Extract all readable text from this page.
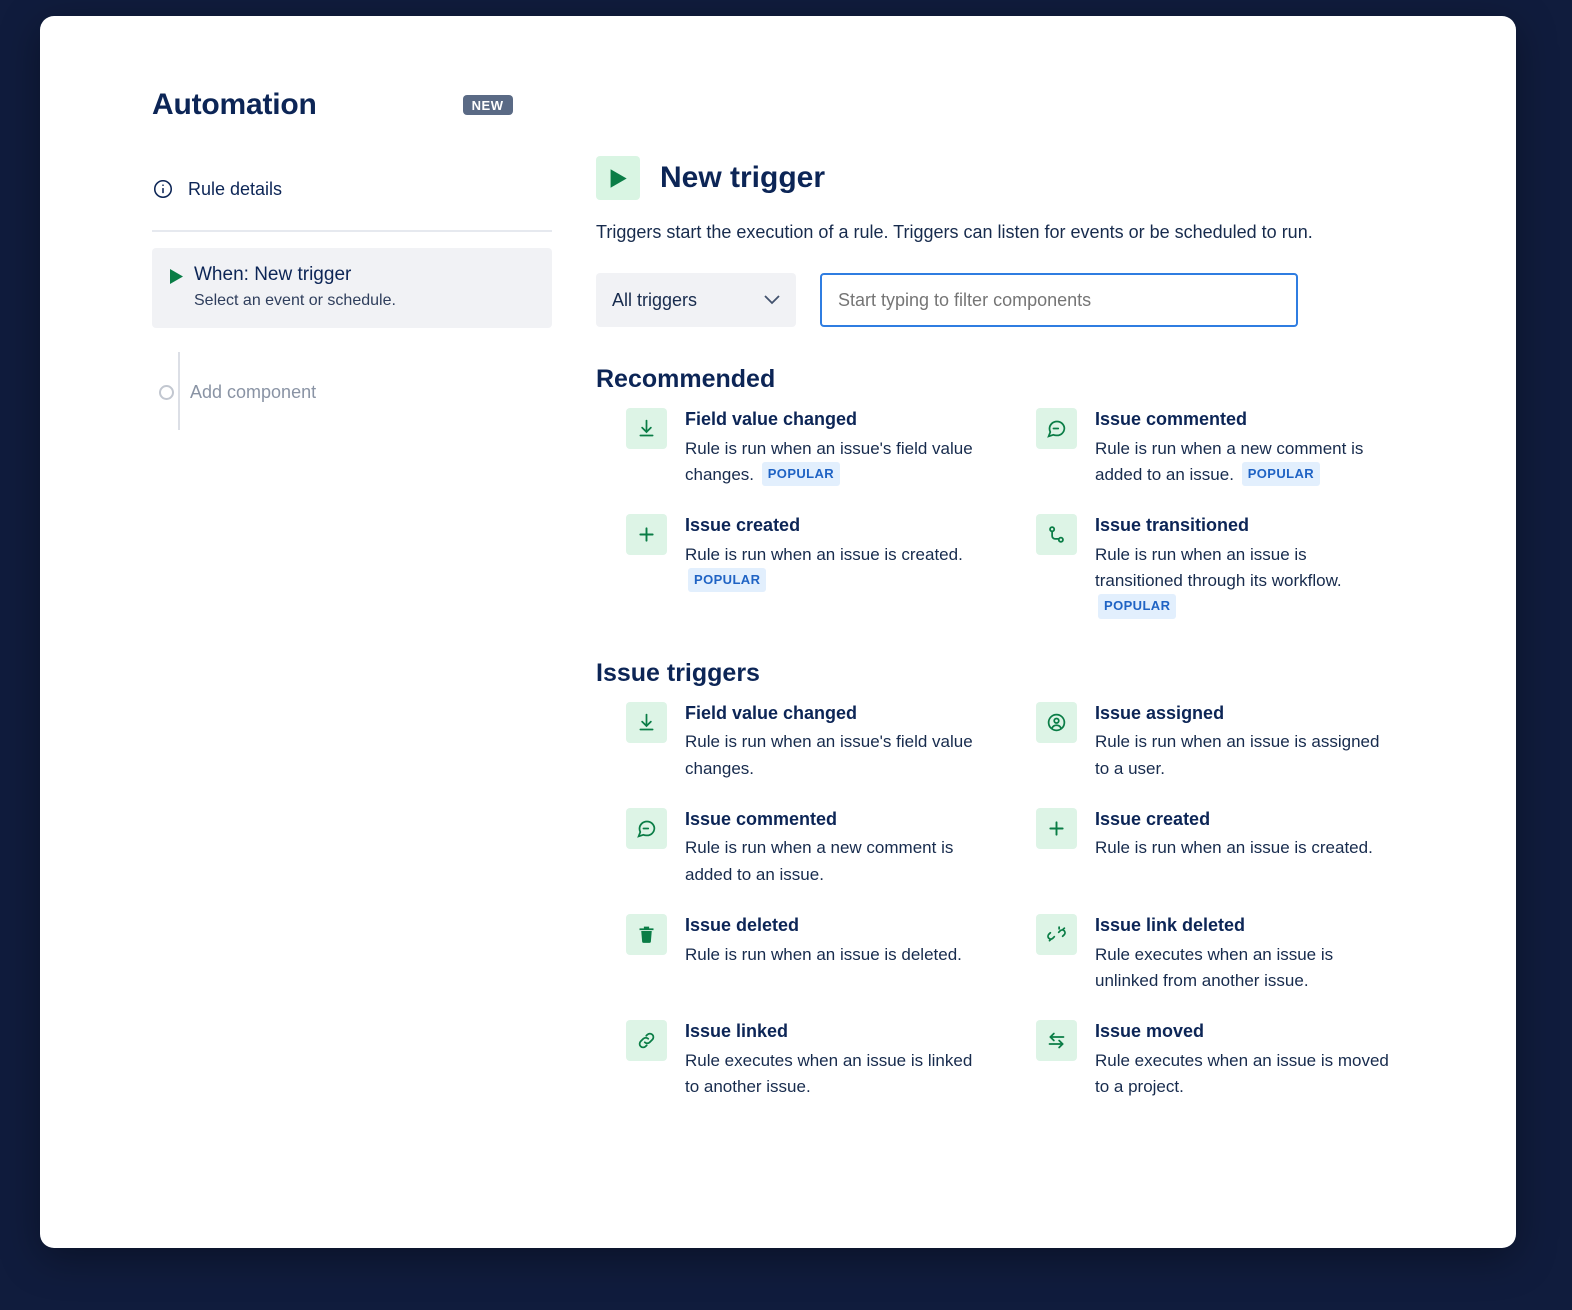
Automation	NEW
Rule details
When: New trigger
Select an event or schedule.
Add component
New trigger
Triggers start the execution of a rule. Triggers can listen for events or be scheduled to run.
All triggers
Start typing to filter components
Recommended
Field value changed
Rule is run when an issue's field value changes. POPULAR
Issue commented
Rule is run when a new comment is added to an issue. POPULAR
Issue created
Rule is run when an issue is created. POPULAR
Issue transitioned
Rule is run when an issue is transitioned through its workflow. POPULAR
Issue triggers
Field value changed
Rule is run when an issue's field value changes.
Issue assigned
Rule is run when an issue is assigned to a user.
Issue commented
Rule is run when a new comment is added to an issue.
Issue created
Rule is run when an issue is created.
Issue deleted
Rule is run when an issue is deleted.
Issue link deleted
Rule executes when an issue is unlinked from another issue.
Issue linked
Rule executes when an issue is linked to another issue.
Issue moved
Rule executes when an issue is moved to a project.
